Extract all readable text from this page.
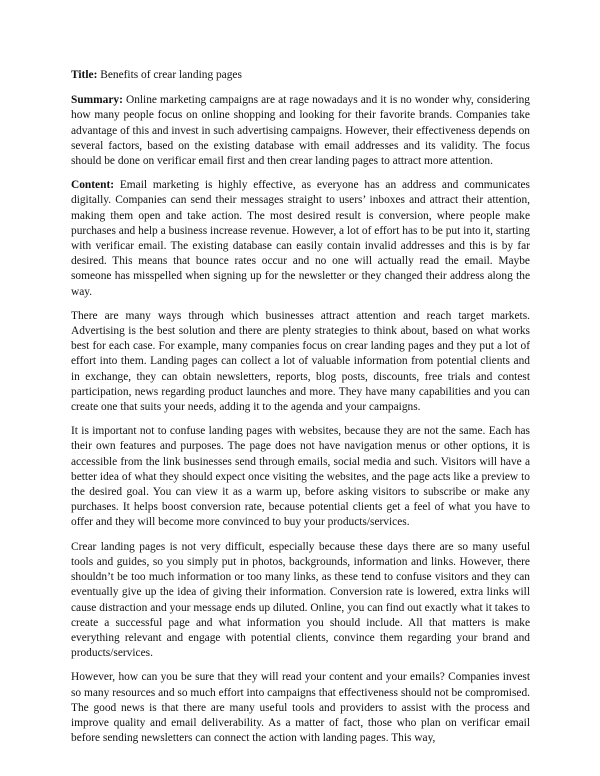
Title: Benefits of crear landing pages

Summary: Online marketing campaigns are at rage nowadays and it is no wonder why, considering how many people focus on online shopping and looking for their favorite brands. Companies take advantage of this and invest in such advertising campaigns. However, their effectiveness depends on several factors, based on the existing database with email addresses and its validity. The focus should be done on verificar email first and then crear landing pages to attract more attention.

Content: Email marketing is highly effective, as everyone has an address and communicates digitally. Companies can send their messages straight to users’ inboxes and attract their attention, making them open and take action. The most desired result is conversion, where people make purchases and help a business increase revenue. However, a lot of effort has to be put into it, starting with verificar email. The existing database can easily contain invalid addresses and this is by far desired. This means that bounce rates occur and no one will actually read the email. Maybe someone has misspelled when signing up for the newsletter or they changed their address along the way.

There are many ways through which businesses attract attention and reach target markets. Advertising is the best solution and there are plenty strategies to think about, based on what works best for each case. For example, many companies focus on crear landing pages and they put a lot of effort into them. Landing pages can collect a lot of valuable information from potential clients and in exchange, they can obtain newsletters, reports, blog posts, discounts, free trials and contest participation, news regarding product launches and more. They have many capabilities and you can create one that suits your needs, adding it to the agenda and your campaigns.

It is important not to confuse landing pages with websites, because they are not the same. Each has their own features and purposes. The page does not have navigation menus or other options, it is accessible from the link businesses send through emails, social media and such. Visitors will have a better idea of what they should expect once visiting the websites, and the page acts like a preview to the desired goal. You can view it as a warm up, before asking visitors to subscribe or make any purchases. It helps boost conversion rate, because potential clients get a feel of what you have to offer and they will become more convinced to buy your products/services.

Crear landing pages is not very difficult, especially because these days there are so many useful tools and guides, so you simply put in photos, backgrounds, information and links. However, there shouldn’t be too much information or too many links, as these tend to confuse visitors and they can eventually give up the idea of giving their information. Conversion rate is lowered, extra links will cause distraction and your message ends up diluted. Online, you can find out exactly what it takes to create a successful page and what information you should include. All that matters is make everything relevant and engage with potential clients, convince them regarding your brand and products/services.

However, how can you be sure that they will read your content and your emails? Companies invest so many resources and so much effort into campaigns that effectiveness should not be compromised. The good news is that there are many useful tools and providers to assist with the process and improve quality and email deliverability. As a matter of fact, those who plan on verificar email before sending newsletters can connect the action with landing pages. This way,
